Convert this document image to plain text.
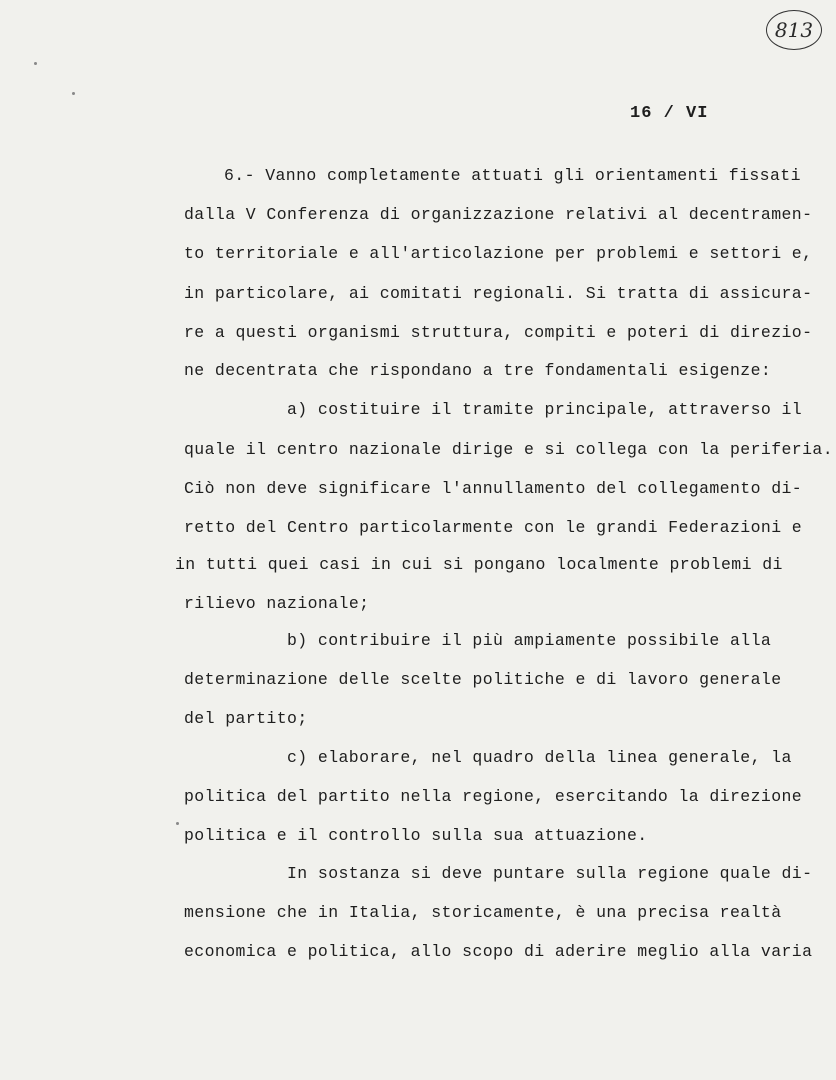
813
16 / VI
6.- Vanno completamente attuati gli orientamenti fissati
dalla V Conferenza di organizzazione relativi al decentramen-
to territoriale e all'articolazione per problemi e settori e,
in particolare, ai comitati regionali. Si tratta di assicura-
re a questi organismi struttura, compiti e poteri di direzio-
ne decentrata che rispondano a tre fondamentali esigenze:
a) costituire il tramite principale, attraverso il
quale il centro nazionale dirige e si collega con la periferia.
Ciò non deve significare l'annullamento del collegamento di-
retto del Centro particolarmente con le grandi Federazioni e
in tutti quei casi in cui si pongano localmente problemi di
rilievo nazionale;
b) contribuire il più ampiamente possibile alla
determinazione delle scelte politiche e di lavoro generale
del partito;
c) elaborare, nel quadro della linea generale, la
politica del partito nella regione, esercitando la direzione
politica e il controllo sulla sua attuazione.
In sostanza si deve puntare sulla regione quale di-
mensione che in Italia, storicamente, è una precisa realtà
economica e politica, allo scopo di aderire meglio alla varia
